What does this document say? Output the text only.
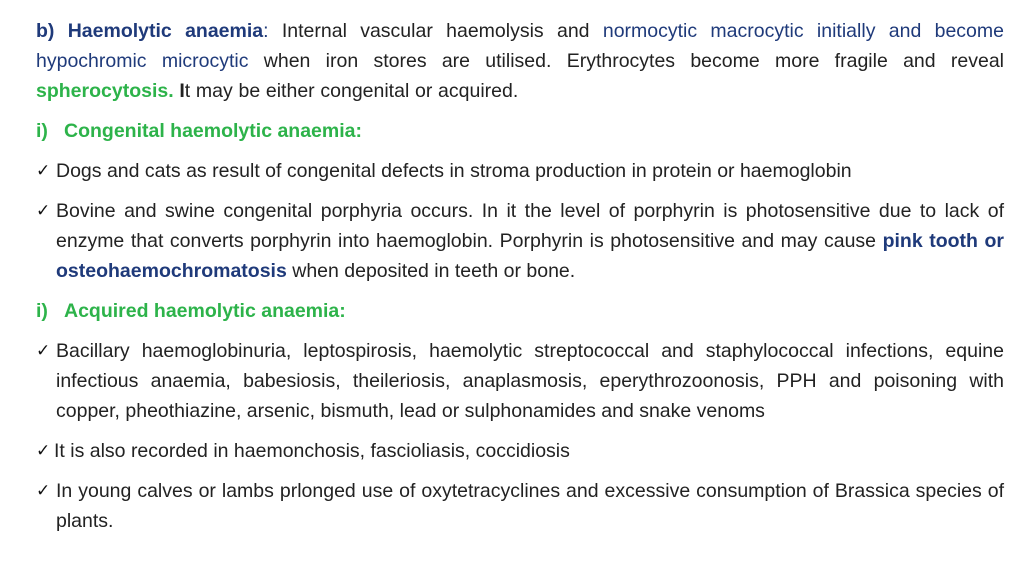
b) Haemolytic anaemia: Internal vascular haemolysis and normocytic macrocytic initially and become hypochromic microcytic when iron stores are utilised. Erythrocytes become more fragile and reveal spherocytosis. It may be either congenital or acquired.

i) Congenital haemolytic anaemia:
✓ Dogs and cats as result of congenital defects in stroma production in protein or haemoglobin
✓ Bovine and swine congenital porphyria occurs. In it the level of porphyrin is photosensitive due to lack of enzyme that converts porphyrin into haemoglobin. Porphyrin is photosensitive and may cause pink tooth or osteohaemochromatosis when deposited in teeth or bone.
i) Acquired haemolytic anaemia:
✓ Bacillary haemoglobinuria, leptospirosis, haemolytic streptococcal and staphylococcal infections, equine infectious anaemia, babesiosis, theileriosis, anaplasmosis, eperythrozoonosis, PPH and poisoning with copper, pheothiazine, arsenic, bismuth, lead or sulphonamides and snake venoms
✓ It is also recorded in haemonchosis, fascioliasis, coccidiosis
✓ In young calves or lambs prlonged use of oxytetracyclines and excessive consumption of Brassica species of plants.
